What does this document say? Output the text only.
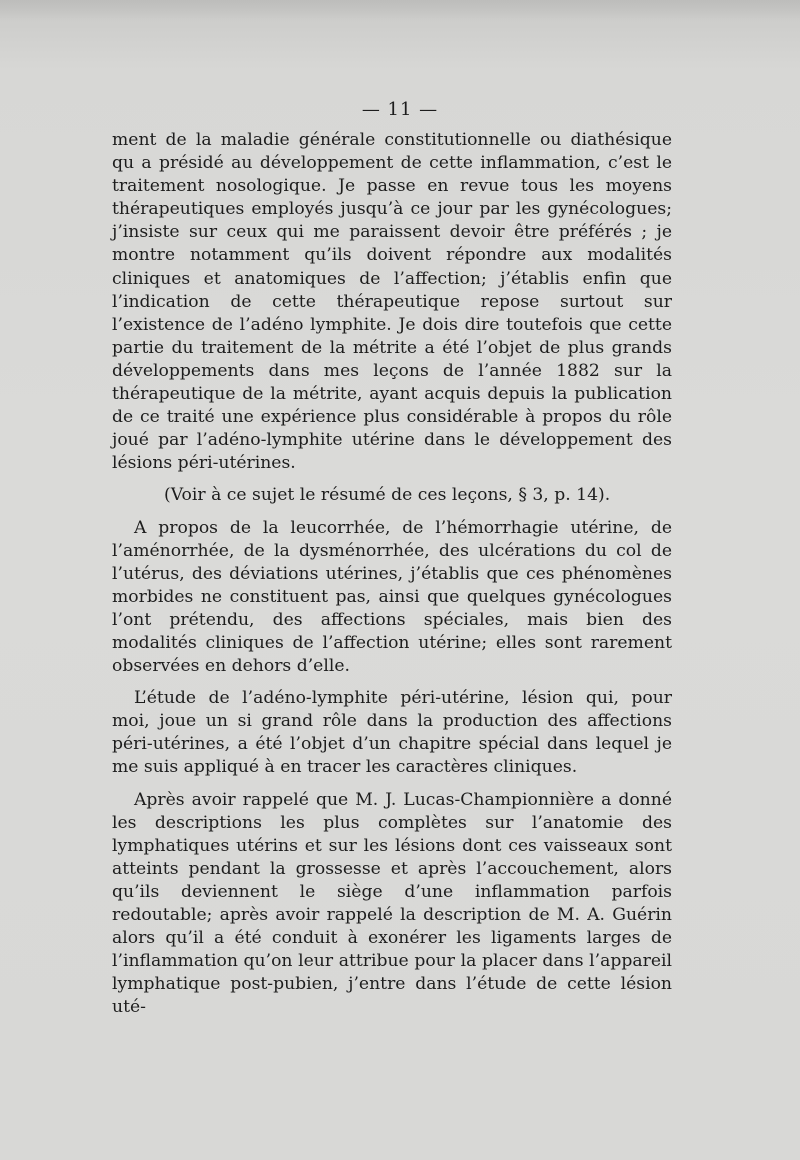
— 11 —

ment de la maladie générale constitutionnelle ou diathésique qu a présidé au développement de cette inflammation, c’est le traitement nosologique. Je passe en revue tous les moyens thérapeutiques employés jusqu’à ce jour par les gynécologues; j’insiste sur ceux qui me paraissent devoir être préférés ; je montre notamment qu’ils doivent répondre aux modalités cliniques et anatomiques de l’affection; j’établis enfin que l’indication de cette thérapeutique repose surtout sur l’existence de l’adéno lymphite. Je dois dire toutefois que cette partie du traitement de la métrite a été l’objet de plus grands développements dans mes leçons de l’année 1882 sur la thérapeutique de la métrite, ayant acquis depuis la publication de ce traité une expérience plus considérable à propos du rôle joué par l’adéno-lymphite utérine dans le développement des lésions péri-utérines.

(Voir à ce sujet le résumé de ces leçons, § 3, p. 14).

A propos de la leucorrhée, de l’hémorrhagie utérine, de l’aménorrhée, de la dysménorrhée, des ulcérations du col de l’utérus, des déviations utérines, j’établis que ces phénomènes morbides ne constituent pas, ainsi que quelques gynécologues l’ont prétendu, des affections spéciales, mais bien des modalités cliniques de l’affection utérine; elles sont rarement observées en dehors d’elle.

L’étude de l’adéno-lymphite péri-utérine, lésion qui, pour moi, joue un si grand rôle dans la production des affections péri-utérines, a été l’objet d’un chapitre spécial dans lequel je me suis appliqué à en tracer les caractères cliniques.

Après avoir rappelé que M. J. Lucas-Championnière a donné les descriptions les plus complètes sur l’anatomie des lymphatiques utérins et sur les lésions dont ces vaisseaux sont atteints pendant la grossesse et après l’accouchement, alors qu’ils deviennent le siège d’une inflammation parfois redoutable; après avoir rappelé la description de M. A. Guérin alors qu’il a été conduit à exonérer les ligaments larges de l’inflammation qu’on leur attribue pour la placer dans l’appareil lymphatique post-pubien, j’entre dans l’étude de cette lésion uté-
